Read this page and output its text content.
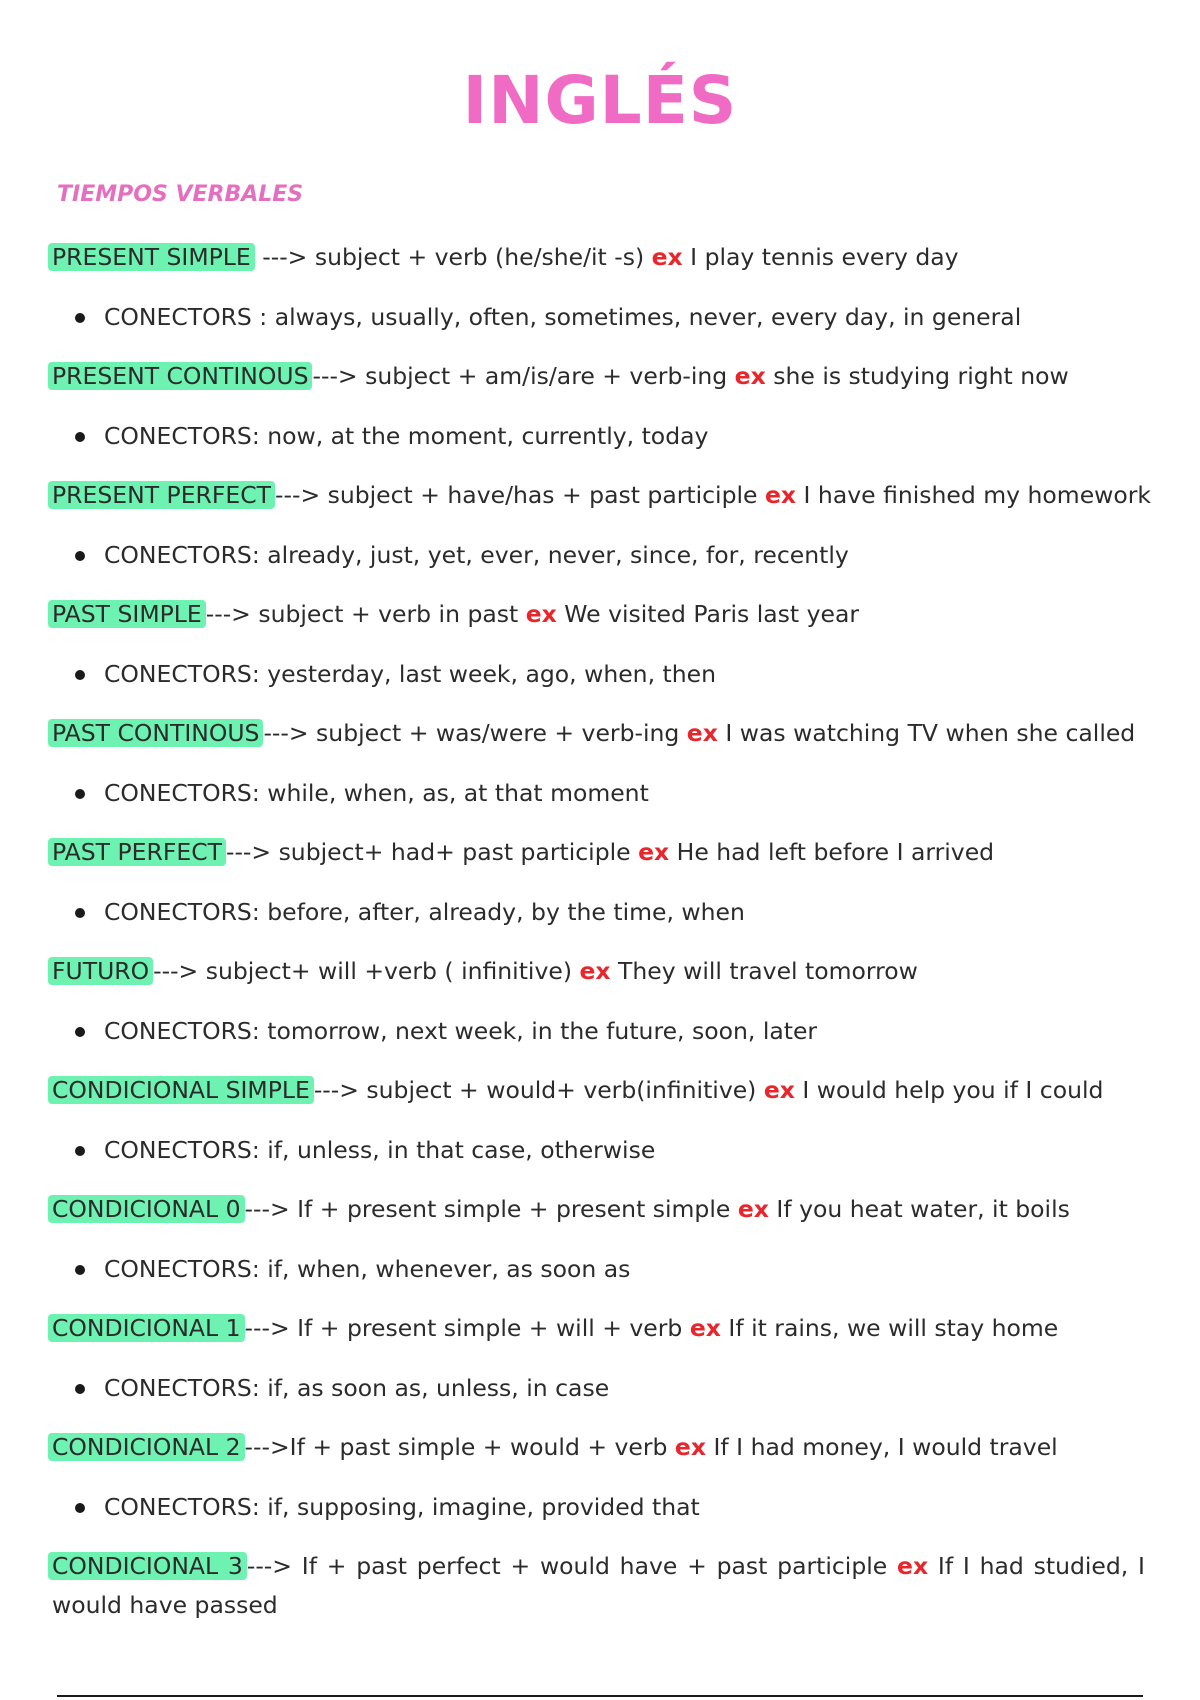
INGLÉS
TIEMPOS VERBALES
PRESENT SIMPLE ---> subject + verb (he/she/it -s) ex I play tennis every day
CONECTORS : always, usually, often, sometimes, never, every day, in general
PRESENT CONTINOUS ---> subject + am/is/are + verb-ing ex she is studying right now
CONECTORS: now, at the moment, currently, today
PRESENT PERFECT ---> subject + have/has + past participle ex I have finished my homework
CONECTORS: already, just, yet, ever, never, since, for, recently
PAST SIMPLE ---> subject + verb in past ex We visited Paris last year
CONECTORS: yesterday, last week, ago, when, then
PAST CONTINOUS ---> subject + was/were + verb-ing ex I was watching TV when she called
CONECTORS: while, when, as, at that moment
PAST PERFECT ---> subject+ had+ past participle ex He had left before I arrived
CONECTORS: before, after, already, by the time, when
FUTURO ---> subject+ will +verb ( infinitive) ex They will travel tomorrow
CONECTORS: tomorrow, next week, in the future, soon, later
CONDICIONAL SIMPLE ---> subject + would+ verb(infinitive) ex I would help you if I could
CONECTORS: if, unless, in that case, otherwise
CONDICIONAL 0 ---> If + present simple + present simple ex If you heat water, it boils
CONECTORS: if, when, whenever, as soon as
CONDICIONAL 1 ---> If + present simple + will + verb ex If it rains, we will stay home
CONECTORS: if, as soon as, unless, in case
CONDICIONAL 2 --->If + past simple + would + verb ex If I had money, I would travel
CONECTORS: if, supposing, imagine, provided that
CONDICIONAL 3 ---> If + past perfect + would have + past participle ex If I had studied, I would have passed
